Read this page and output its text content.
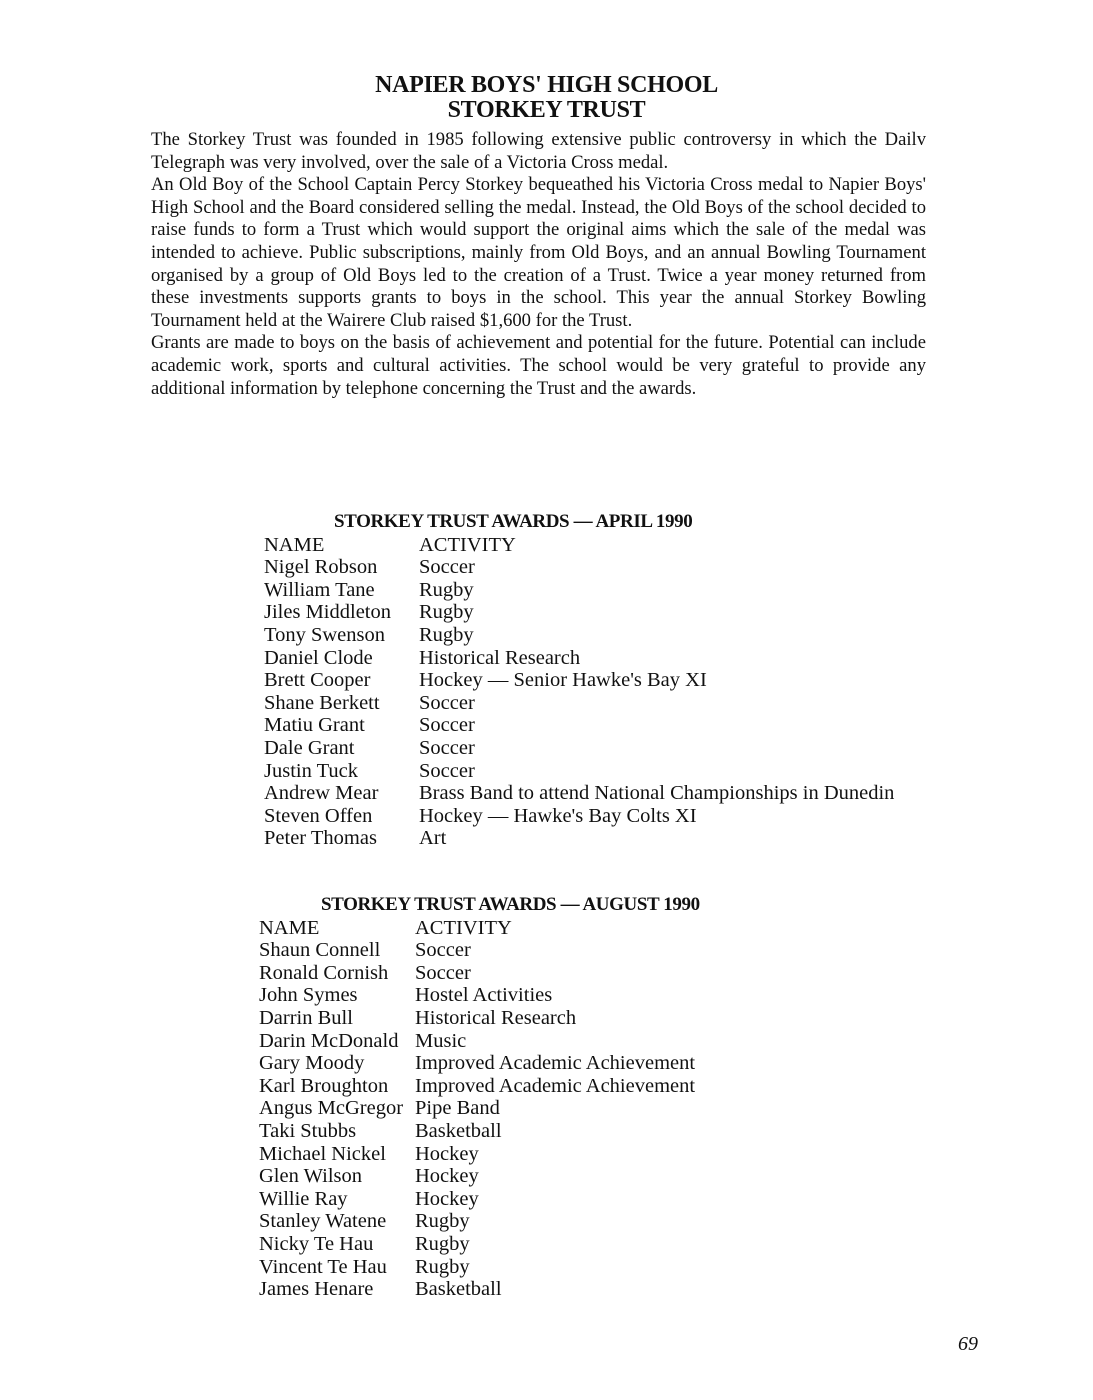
NAPIER BOYS' HIGH SCHOOL
STORKEY TRUST

The Storkey Trust was founded in 1985 following extensive public controversy in which the Dailv Telegraph was very involved, over the sale of a Victoria Cross medal.

An Old Boy of the School Captain Percy Storkey bequeathed his Victoria Cross medal to Napier Boys' High School and the Board considered selling the medal. Instead, the Old Boys of the school decided to raise funds to form a Trust which would support the original aims which the sale of the medal was intended to achieve. Public subscriptions, mainly from Old Boys, and an annual Bowling Tournament organised by a group of Old Boys led to the creation of a Trust. Twice a year money returned from these investments supports grants to boys in the school. This year the annual Storkey Bowling Tournament held at the Wairere Club raised $1,600 for the Trust.

Grants are made to boys on the basis of achievement and potential for the future. Potential can include academic work, sports and cultural activities. The school would be very grateful to provide any additional information by telephone concerning the Trust and the awards.

STORKEY TRUST AWARDS — APRIL 1990
NAME	ACTIVITY
Nigel Robson	Soccer
William Tane	Rugby
Jiles Middleton	Rugby
Tony Swenson	Rugby
Daniel Clode	Historical Research
Brett Cooper	Hockey — Senior Hawke's Bay XI
Shane Berkett	Soccer
Matiu Grant	Soccer
Dale Grant	Soccer
Justin Tuck	Soccer
Andrew Mear	Brass Band to attend National Championships in Dunedin
Steven Offen	Hockey — Hawke's Bay Colts XI
Peter Thomas	Art
STORKEY TRUST AWARDS — AUGUST 1990
NAME	ACTIVITY
Shaun Connell	Soccer
Ronald Cornish	Soccer
John Symes	Hostel Activities
Darrin Bull	Historical Research
Darin McDonald	Music
Gary Moody	Improved Academic Achievement
Karl Broughton	Improved Academic Achievement
Angus McGregor	Pipe Band
Taki Stubbs	Basketball
Michael Nickel	Hockey
Glen Wilson	Hockey
Willie Ray	Hockey
Stanley Watene	Rugby
Nicky Te Hau	Rugby
Vincent Te Hau	Rugby
James Henare	Basketball
69
